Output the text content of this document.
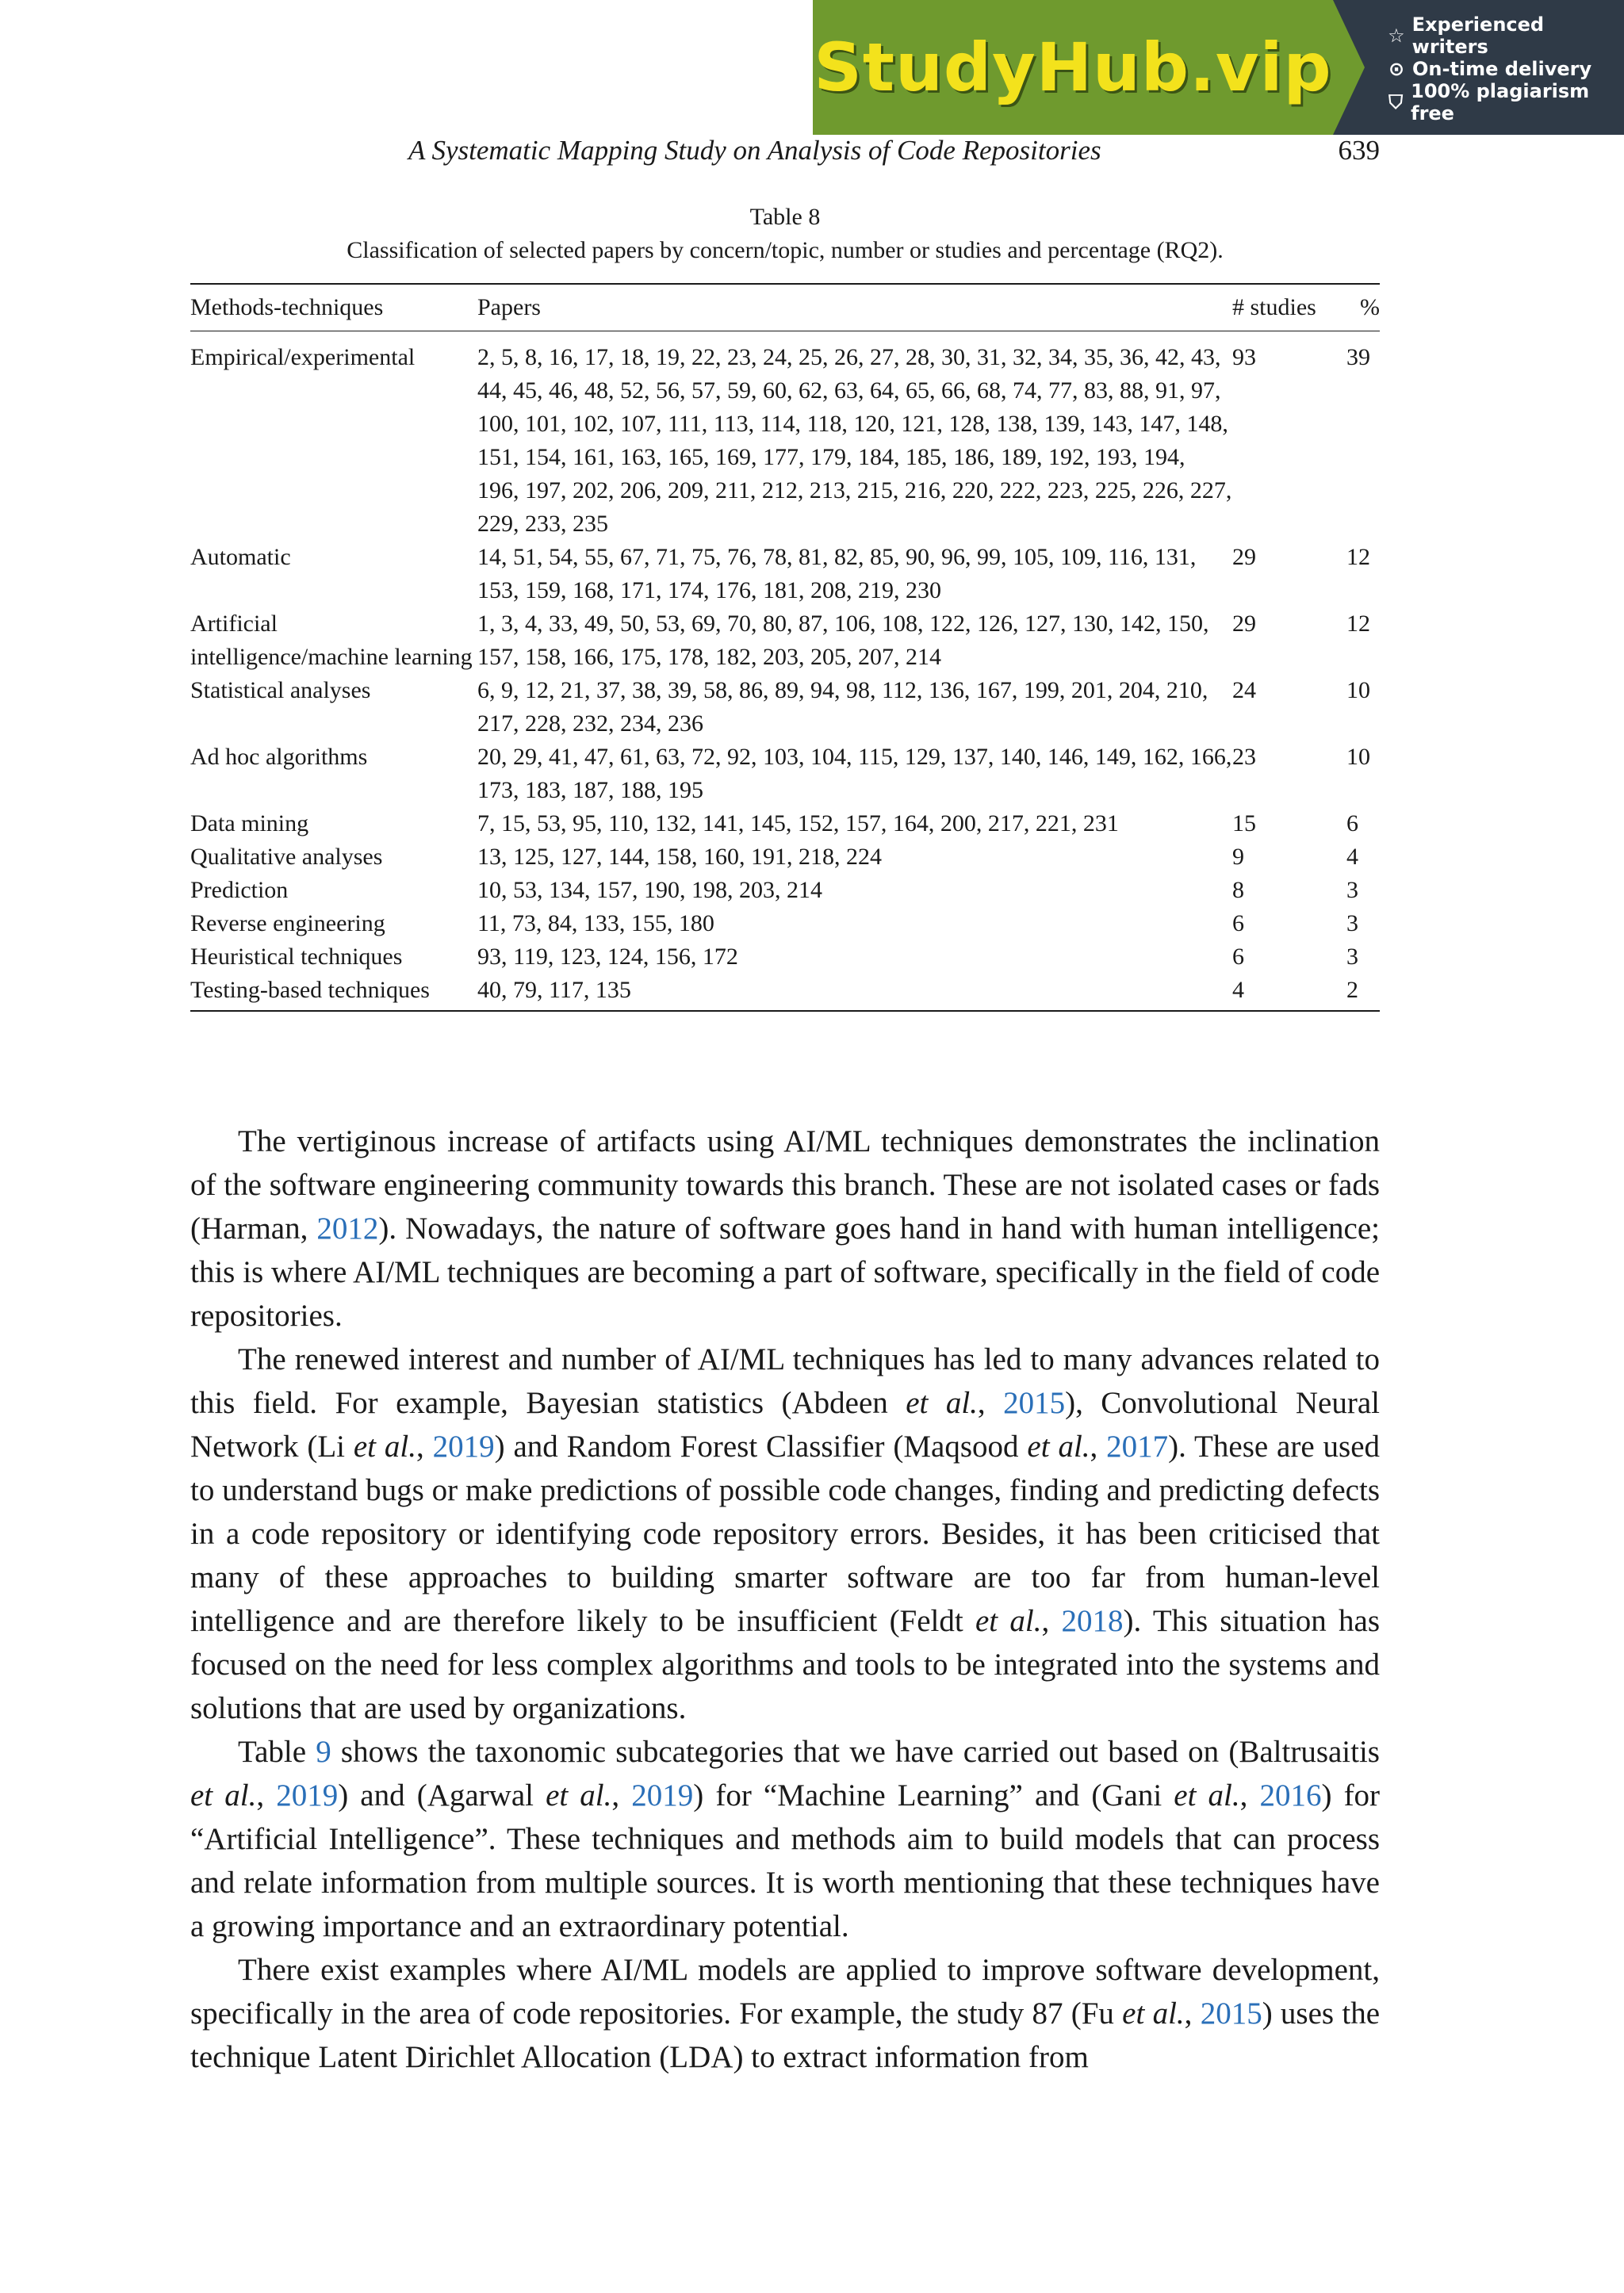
StudyHub.vip	☆ Experienced writers
⊙ On-time delivery
⛉ 100% plagiarism free
A Systematic Mapping Study on Analysis of Code Repositories	639
Table 8
Classification of selected papers by concern/topic, number or studies and percentage (RQ2).
Methods-techniques	Papers	# studies	%
Empirical/experimental	2, 5, 8, 16, 17, 18, 19, 22, 23, 24, 25, 26, 27, 28, 30, 31, 32, 34, 35, 36, 42, 43, 44, 45, 46, 48, 52, 56, 57, 59, 60, 62, 63, 64, 65, 66, 68, 74, 77, 83, 88, 91, 97, 100, 101, 102, 107, 111, 113, 114, 118, 120, 121, 128, 138, 139, 143, 147, 148, 151, 154, 161, 163, 165, 169, 177, 179, 184, 185, 186, 189, 192, 193, 194, 196, 197, 202, 206, 209, 211, 212, 213, 215, 216, 220, 222, 223, 225, 226, 227, 229, 233, 235	93	39
Automatic	14, 51, 54, 55, 67, 71, 75, 76, 78, 81, 82, 85, 90, 96, 99, 105, 109, 116, 131, 153, 159, 168, 171, 174, 176, 181, 208, 219, 230	29	12
Artificial intelligence/machine learning	1, 3, 4, 33, 49, 50, 53, 69, 70, 80, 87, 106, 108, 122, 126, 127, 130, 142, 150, 157, 158, 166, 175, 178, 182, 203, 205, 207, 214	29	12
Statistical analyses	6, 9, 12, 21, 37, 38, 39, 58, 86, 89, 94, 98, 112, 136, 167, 199, 201, 204, 210, 217, 228, 232, 234, 236	24	10
Ad hoc algorithms	20, 29, 41, 47, 61, 63, 72, 92, 103, 104, 115, 129, 137, 140, 146, 149, 162, 166, 173, 183, 187, 188, 195	23	10
Data mining	7, 15, 53, 95, 110, 132, 141, 145, 152, 157, 164, 200, 217, 221, 231	15	6
Qualitative analyses	13, 125, 127, 144, 158, 160, 191, 218, 224	9	4
Prediction	10, 53, 134, 157, 190, 198, 203, 214	8	3
Reverse engineering	11, 73, 84, 133, 155, 180	6	3
Heuristical techniques	93, 119, 123, 124, 156, 172	6	3
Testing-based techniques	40, 79, 117, 135	4	2

The vertiginous increase of artifacts using AI/ML techniques demonstrates the inclination of the software engineering community towards this branch. These are not isolated cases or fads (Harman, 2012). Nowadays, the nature of software goes hand in hand with human intelligence; this is where AI/ML techniques are becoming a part of software, specifically in the field of code repositories.

The renewed interest and number of AI/ML techniques has led to many advances related to this field. For example, Bayesian statistics (Abdeen et al., 2015), Convolutional Neural Network (Li et al., 2019) and Random Forest Classifier (Maqsood et al., 2017). These are used to understand bugs or make predictions of possible code changes, finding and predicting defects in a code repository or identifying code repository errors. Besides, it has been criticised that many of these approaches to building smarter software are too far from human-level intelligence and are therefore likely to be insufficient (Feldt et al., 2018). This situation has focused on the need for less complex algorithms and tools to be integrated into the systems and solutions that are used by organizations.

Table 9 shows the taxonomic subcategories that we have carried out based on (Baltrusaitis et al., 2019) and (Agarwal et al., 2019) for “Machine Learning” and (Gani et al., 2016) for “Artificial Intelligence”. These techniques and methods aim to build models that can process and relate information from multiple sources. It is worth mentioning that these techniques have a growing importance and an extraordinary potential.

There exist examples where AI/ML models are applied to improve software development, specifically in the area of code repositories. For example, the study 87 (Fu et al., 2015) uses the technique Latent Dirichlet Allocation (LDA) to extract information from
